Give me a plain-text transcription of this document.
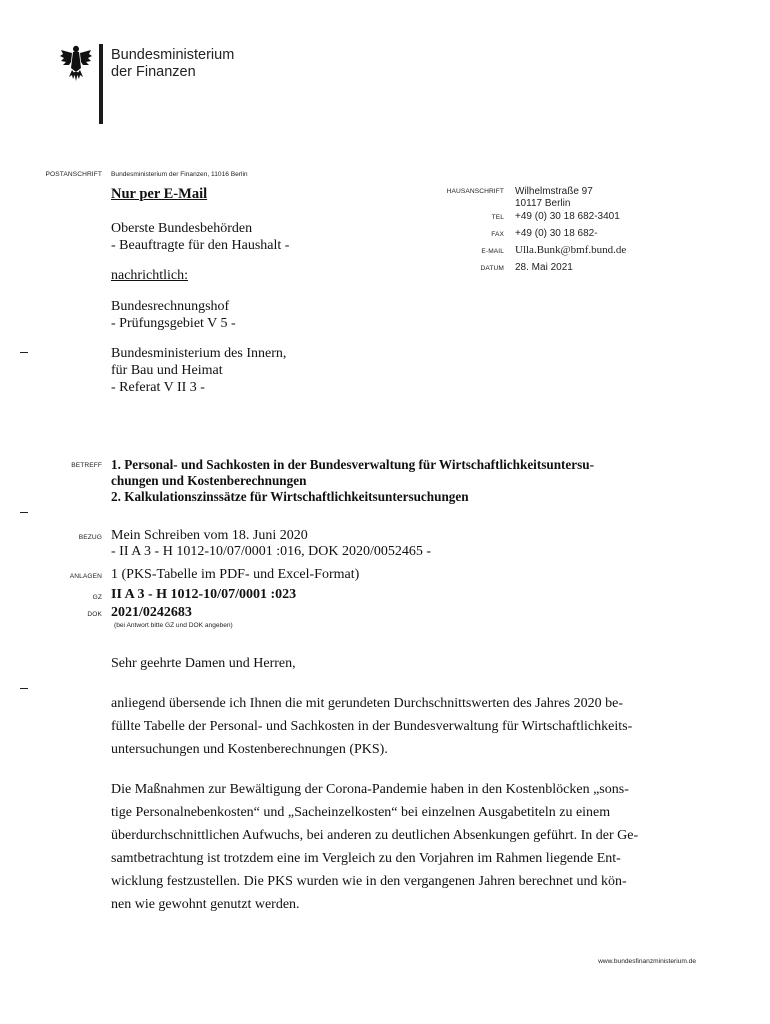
Bundesministerium
der Finanzen
POSTANSCHRIFT Bundesministerium der Finanzen, 11016 Berlin
Nur per E-Mail
Oberste Bundesbehörden
- Beauftragte für den Haushalt -
nachrichtlich:
Bundesrechnungshof
- Prüfungsgebiet V 5 -
Bundesministerium des Innern,
für Bau und Heimat
- Referat V II 3 -
HAUSANSCHRIFT Wilhelmstraße 97
10117 Berlin
TEL +49 (0) 30 18 682-3401
FAX +49 (0) 30 18 682-
E-MAIL Ulla.Bunk@bmf.bund.de
DATUM 28. Mai 2021
BETREFF 1. Personal- und Sachkosten in der Bundesverwaltung für Wirtschaftlichkeitsuntersu-
chungen und Kostenberechnungen
2. Kalkulationszinssätze für Wirtschaftlichkeitsuntersuchungen
BEZUG Mein Schreiben vom 18. Juni 2020
- II A 3 - H 1012-10/07/0001 :016, DOK 2020/0052465 -
ANLAGEN 1 (PKS-Tabelle im PDF- und Excel-Format)
GZ II A 3 - H 1012-10/07/0001 :023
DOK 2021/0242683
(bei Antwort bitte GZ und DOK angeben)
Sehr geehrte Damen und Herren,
anliegend übersende ich Ihnen die mit gerundeten Durchschnittswerten des Jahres 2020 be-
füllte Tabelle der Personal- und Sachkosten in der Bundesverwaltung für Wirtschaftlichkeits-
untersuchungen und Kostenberechnungen (PKS).
Die Maßnahmen zur Bewältigung der Corona-Pandemie haben in den Kostenblöcken „sons-
tige Personalnebenkosten“ und „Sacheinzelkosten“ bei einzelnen Ausgabetiteln zu einem
überdurchschnittlichen Aufwuchs, bei anderen zu deutlichen Absenkungen geführt. In der Ge-
samtbetrachtung ist trotzdem eine im Vergleich zu den Vorjahren im Rahmen liegende Ent-
wicklung festzustellen. Die PKS wurden wie in den vergangenen Jahren berechnet und kön-
nen wie gewohnt genutzt werden.
www.bundesfinanzministerium.de
